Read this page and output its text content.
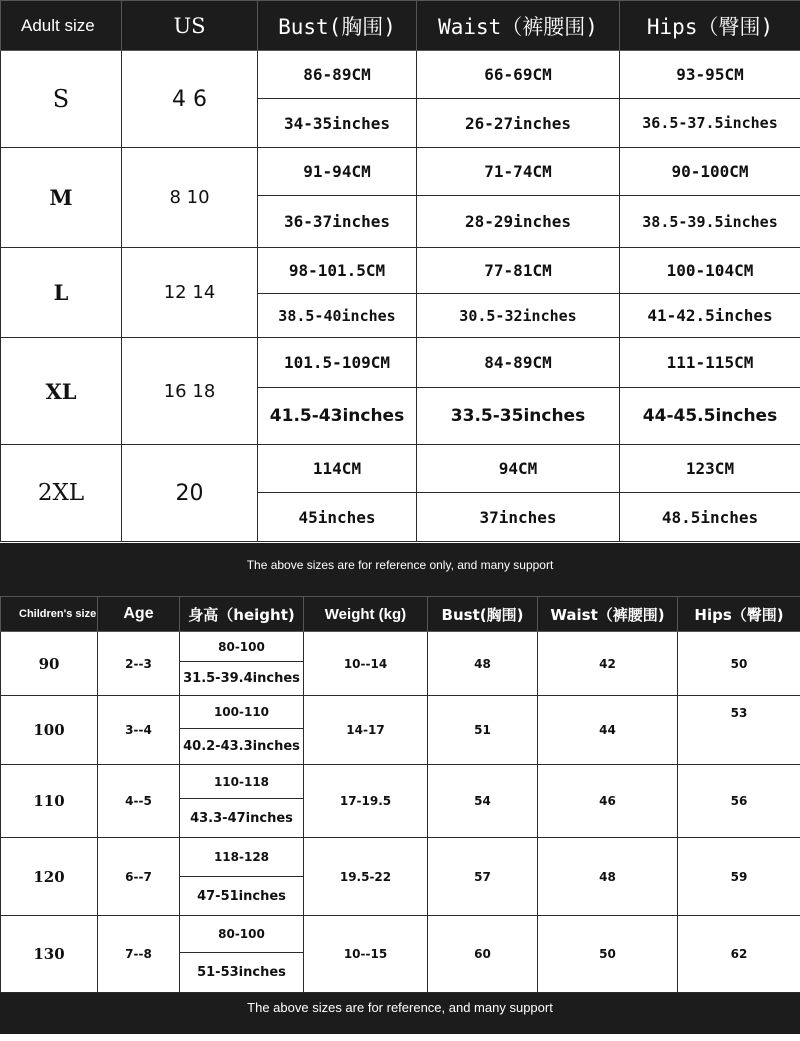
Adult size	US	Bust(胸围)	Waist（裤腰围)	Hips（臀围)
S	4 6	86-89CM	66-69CM	93-95CM
		34-35inches	26-27inches	36.5-37.5inches
M	8 10	91-94CM	71-74CM	90-100CM
		36-37inches	28-29inches	38.5-39.5inches
L	12 14	98-101.5CM	77-81CM	100-104CM
		38.5-40inches	30.5-32inches	41-42.5inches
XL	16 18	101.5-109CM	84-89CM	111-115CM
		41.5-43inches	33.5-35inches	44-45.5inches
2XL	20	114CM	94CM	123CM
		45inches	37inches	48.5inches
The above sizes are for reference only, and many support
Children's size	Age	身高（height)	Weight (kg)	Bust(胸围)	Waist（裤腰围)	Hips（臀围)
90	2--3	80-100	10--14	48	42	50
		31.5-39.4inches				
100	3--4	100-110	14-17	51	44	53
		40.2-43.3inches				
110	4--5	110-118	17-19.5	54	46	56
		43.3-47inches				
120	6--7	118-128	19.5-22	57	48	59
		47-51inches				
130	7--8	80-100	10--15	60	50	62
		51-53inches				
The above sizes are for reference, and many support
